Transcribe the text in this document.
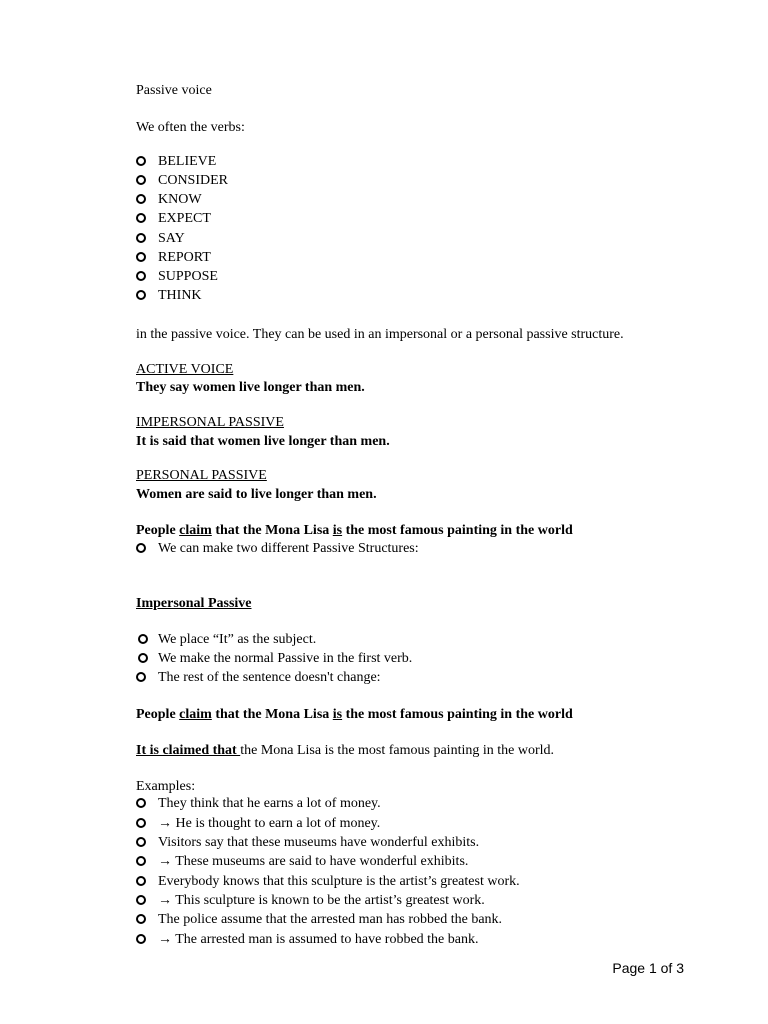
Passive voice
We often the verbs:
BELIEVE
CONSIDER
KNOW
EXPECT
SAY
REPORT
SUPPOSE
THINK
in the passive voice. They can be used in an impersonal or a personal passive structure.
ACTIVE VOICE
They say women live longer than men.
IMPERSONAL PASSIVE
It is said that women live longer than men.
PERSONAL PASSIVE
Women are said to live longer than men.
People claim that the Mona Lisa is the most famous painting in the world
We can make two different Passive Structures:
Impersonal Passive
We place “It” as the subject.
We make the normal Passive in the first verb.
The rest of the sentence doesn't change:
People claim that the Mona Lisa is the most famous painting in the world
It is claimed that the Mona Lisa is the most famous painting in the world.
Examples:
They think that he earns a lot of money.
→ He is thought to earn a lot of money.
Visitors say that these museums have wonderful exhibits.
→ These museums are said to have wonderful exhibits.
Everybody knows that this sculpture is the artist’s greatest work.
→ This sculpture is known to be the artist’s greatest work.
The police assume that the arrested man has robbed the bank.
→ The arrested man is assumed to have robbed the bank.
Page 1 of 3
